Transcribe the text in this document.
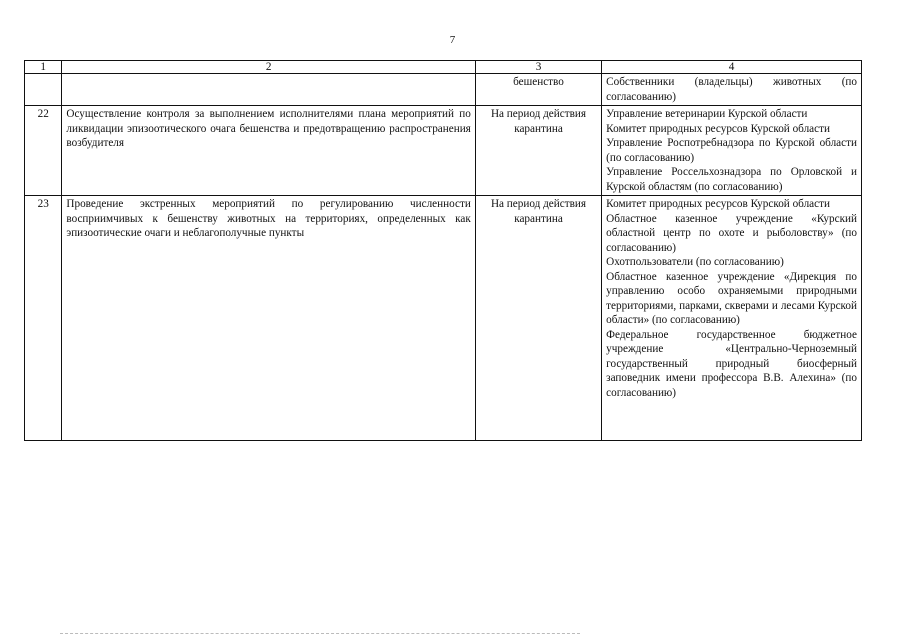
7
1	2	3	4
		бешенство	Собственники (владельцы) животных (по согласованию)

22	Осуществление контроля за выполнением исполнителями плана мероприятий по ликвидации эпизоотического очага бешенства и предотвращению распространения возбудителя	На период действия карантина	Управление ветеринарии Курской области
Комитет природных ресурсов Курской области
Управление Роспотребнадзора по Курской области (по согласованию)
Управление Россельхознадзора по Орловской и Курской областям (по согласованию)

23	Проведение экстренных мероприятий по регулированию численности восприимчивых к бешенству животных на территориях, определенных как эпизоотические очаги и неблагополучные пункты	На период действия карантина	Комитет природных ресурсов Курской области
Областное казенное учреждение «Курский областной центр по охоте и рыболовству» (по согласованию)
Охотпользователи (по согласованию)
Областное казенное учреждение «Дирекция по управлению особо охраняемыми природными территориями, парками, скверами и лесами Курской области» (по согласованию)
Федеральное государственное бюджетное учреждение «Центрально-Черноземный государственный природный биосферный заповедник имени профессора В.В. Алехина» (по согласованию)
